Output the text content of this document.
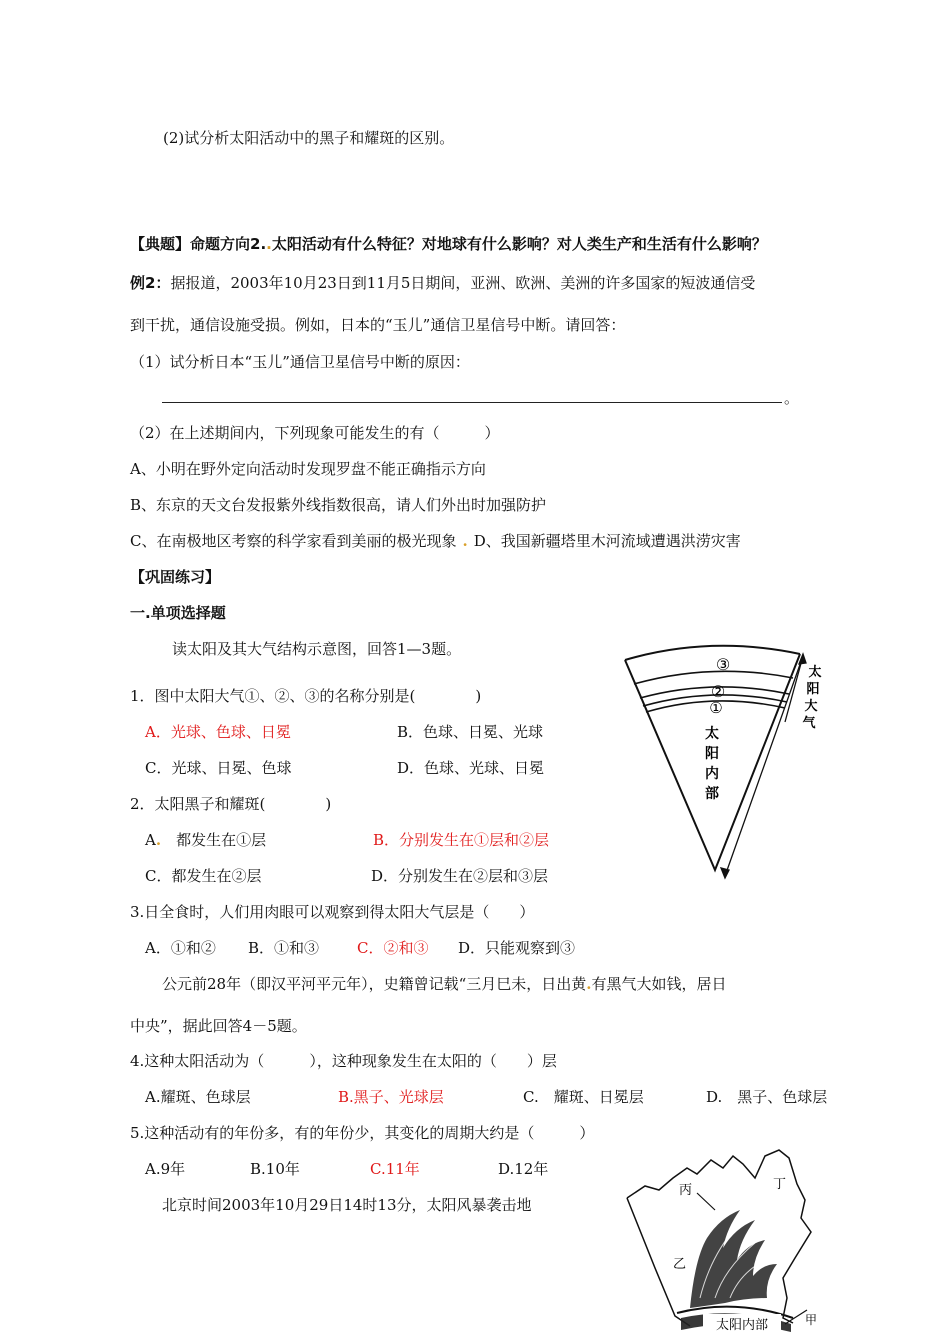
(2)试分析太阳活动中的黑子和耀斑的区别。
【典题】命题方向2..太阳活动有什么特征？对地球有什么影响？对人类生产和生活有什么影响？
例2：据报道，2003年10月23日到11月5日期间，亚洲、欧洲、美洲的许多国家的短波通信受
到干扰，通信设施受损。例如，日本的“玉儿”通信卫星信号中断。请回答：
（1）试分析日本“玉儿”通信卫星信号中断的原因：
。
（2）在上述期间内，下列现象可能发生的有（　　　）
A、小明在野外定向活动时发现罗盘不能正确指示方向
B、东京的天文台发报紫外线指数很高，请人们外出时加强防护
C、在南极地区考察的科学家看到美丽的极光现象 . D、我国新疆塔里木河流域遭遇洪涝灾害
【巩固练习】
一.单项选择题
读太阳及其大气结构示意图，回答1—3题。
1．图中太阳大气①、②、③的名称分别是(　　　　)
A．光球、色球、日冕	B．色球、日冕、光球
C．光球、日冕、色球	D．色球、光球、日冕
2．太阳黑子和耀斑(　　　　)
A.　 都发生在①层	B．分别发生在①层和②层
C．都发生在②层	D．分别发生在②层和③层
3.日全食时，人们用肉眼可以观察到得太阳大气层是（　　）
A．①和② B．①和③	C．②和③ D．只能观察到③
公元前28年（即汉平河平元年），史籍曾记载“三月巳未，日出黄.有黑气大如钱，居日
中央”，据此回答4－5题。
4.这种太阳活动为（　　　），这种现象发生在太阳的（　　）层
A.耀斑、色球层	B.黑子、光球层	C.　耀斑、日冕层	D.　黑子、色球层
5.这种活动有的年份多，有的年份少，其变化的周期大约是（　　　）
A.9年	B.10年	C.11年	D.12年
北京时间2003年10月29日14时13分，太阳风暴袭击地
③
②
①
太
阳
内
部
太
阳
大
气
丁
丙
乙
甲
太阳内部
